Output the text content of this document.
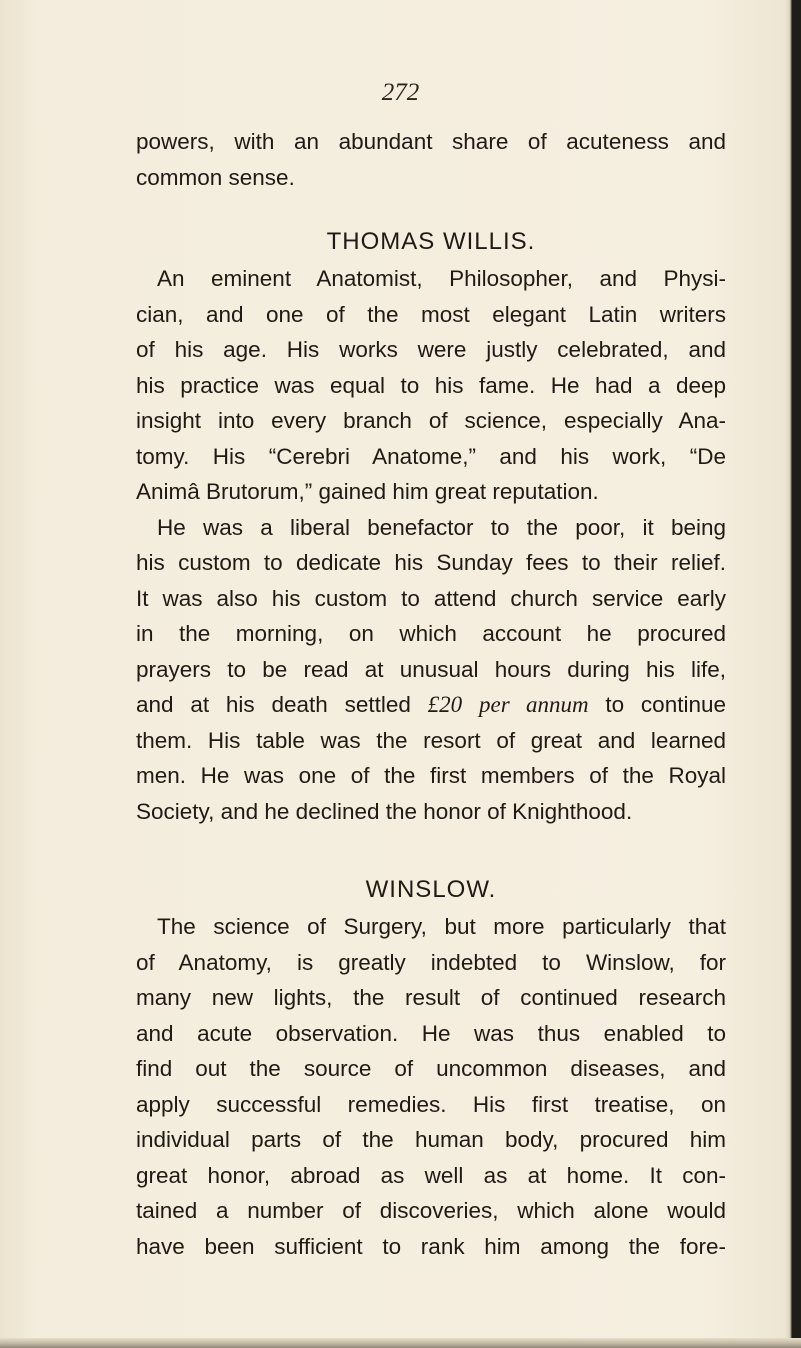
272
powers, with an abundant share of acuteness and
common sense.
THOMAS WILLIS.
An eminent Anatomist, Philosopher, and Physi-
cian, and one of the most elegant Latin writers
of his age. His works were justly celebrated, and
his practice was equal to his fame. He had a deep
insight into every branch of science, especially Ana-
tomy. His “Cerebri Anatome,” and his work, “De
Animâ Brutorum,” gained him great reputation.
He was a liberal benefactor to the poor, it being
his custom to dedicate his Sunday fees to their relief.
It was also his custom to attend church service early
in the morning, on which account he procured
prayers to be read at unusual hours during his life,
and at his death settled £20 per annum to continue
them. His table was the resort of great and learned
men. He was one of the first members of the Royal
Society, and he declined the honor of Knighthood.
WINSLOW.
The science of Surgery, but more particularly that
of Anatomy, is greatly indebted to Winslow, for
many new lights, the result of continued research
and acute observation. He was thus enabled to
find out the source of uncommon diseases, and
apply successful remedies. His first treatise, on
individual parts of the human body, procured him
great honor, abroad as well as at home. It con-
tained a number of discoveries, which alone would
have been sufficient to rank him among the fore-
